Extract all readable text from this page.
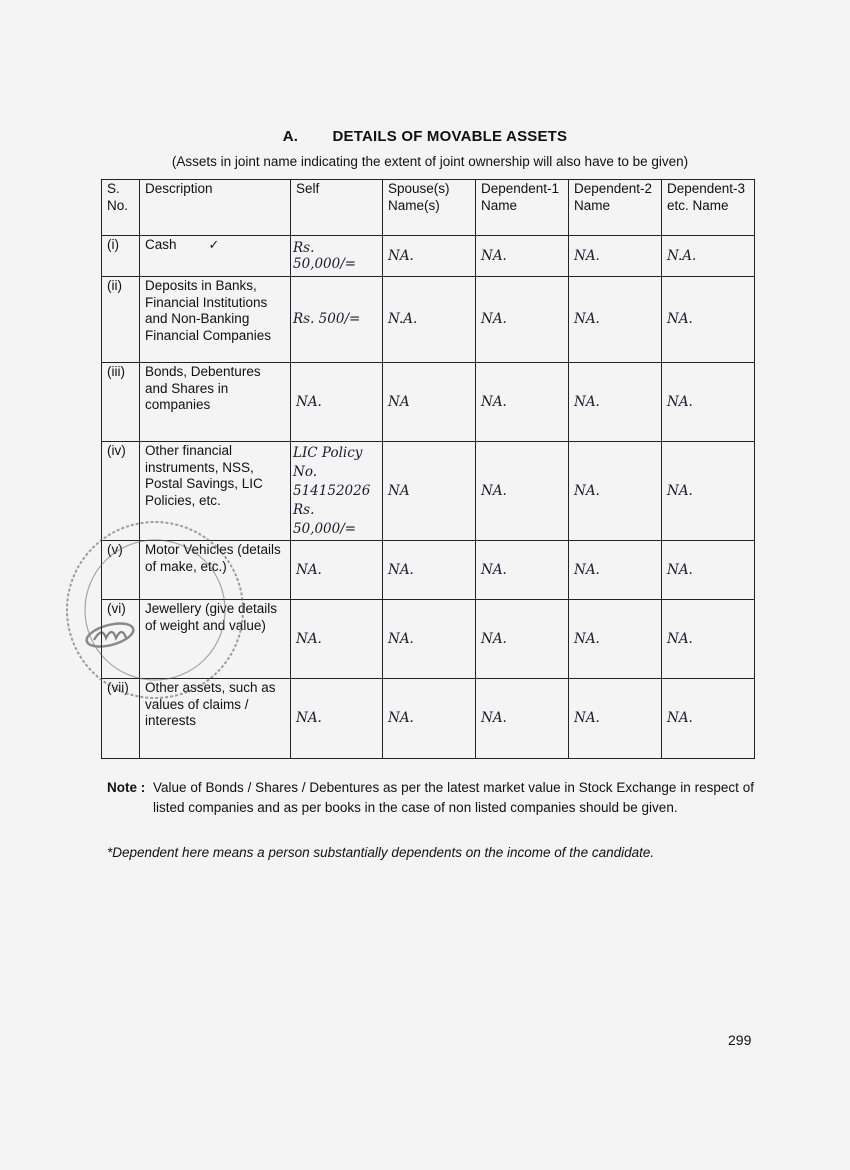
A. DETAILS OF MOVABLE ASSETS
(Assets in joint name indicating the extent of joint ownership will also have to be given)
S. No.	Description	Self	Spouse(s) Name(s)	Dependent-1 Name	Dependent-2 Name	Dependent-3 etc. Name
(i)	Cash ✓	Rs. 50,000/=	NA.	NA.	NA.	N.A.
(ii)	Deposits in Banks, Financial Institutions and Non-Banking Financial Companies	Rs. 500/=	N.A.	NA.	NA.	NA.
(iii)	Bonds, Debentures and Shares in companies	NA.	NA	NA.	NA.	NA.
(iv)	Other financial instruments, NSS, Postal Savings, LIC Policies, etc.	LIC Policy No. 514152026 Rs. 50,000/=	NA	NA.	NA.	NA.
(v)	Motor Vehicles (details of make, etc.)	NA.	NA.	NA.	NA.	NA.
(vi)	Jewellery (give details of weight and value)	NA.	NA.	NA.	NA.	NA.
(vii)	Other assets, such as values of claims / interests	NA.	NA.	NA.	NA.	NA.
Note : Value of Bonds / Shares / Debentures as per the latest market value in Stock Exchange in respect of listed companies and as per books in the case of non listed companies should be given.
*Dependent here means a person substantially dependents on the income of the candidate.
299
